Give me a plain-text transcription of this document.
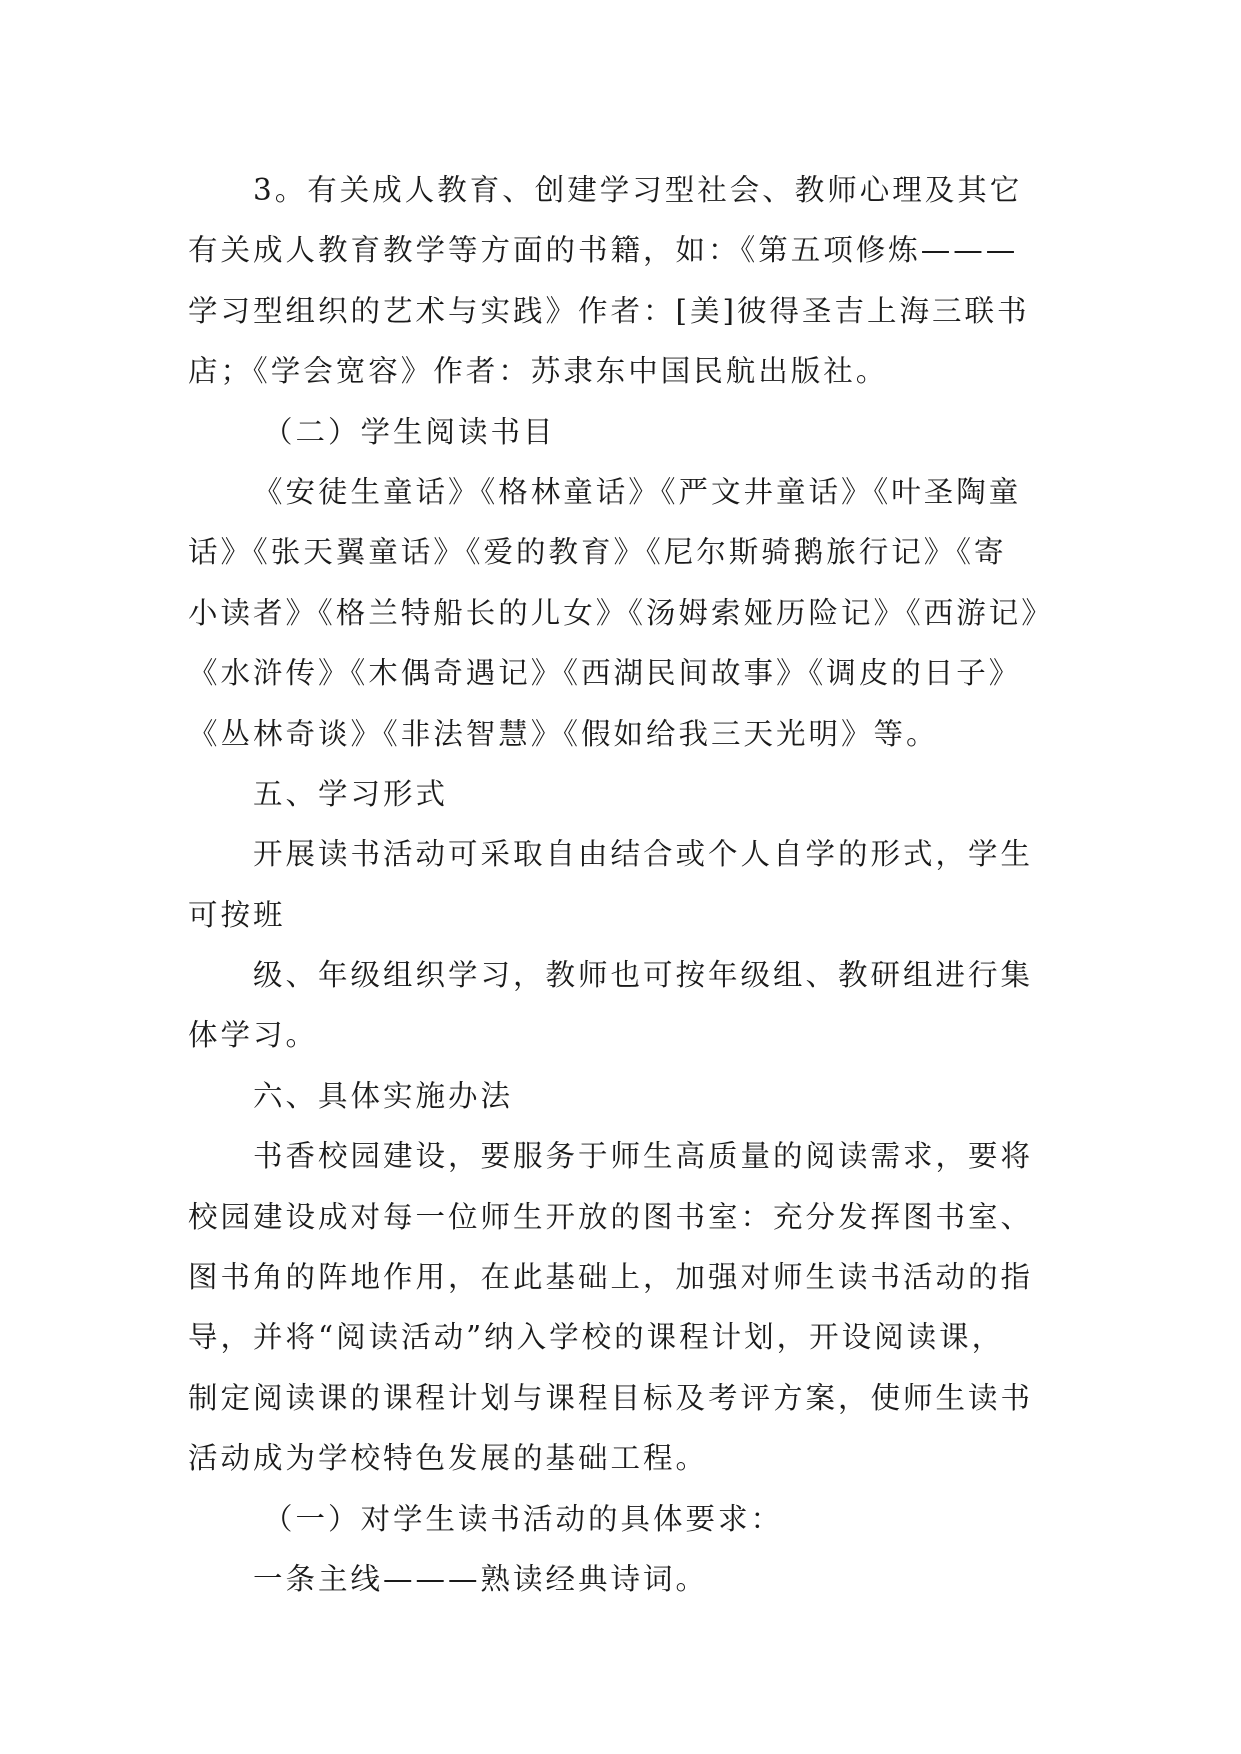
3。有关成人教育、创建学习型社会、教师心理及其它
有关成人教育教学等方面的书籍，如：《第五项修炼———
学习型组织的艺术与实践》作者：[美]彼得圣吉上海三联书
店；《学会宽容》作者：苏隶东中国民航出版社。
（二）学生阅读书目
《安徒生童话》《格林童话》《严文井童话》《叶圣陶童
话》《张天翼童话》《爱的教育》《尼尔斯骑鹅旅行记》《寄
小读者》《格兰特船长的儿女》《汤姆索娅历险记》《西游记》
《水浒传》《木偶奇遇记》《西湖民间故事》《调皮的日子》
《丛林奇谈》《非法智慧》《假如给我三天光明》等。
五、学习形式
开展读书活动可采取自由结合或个人自学的形式，学生
可按班
级、年级组织学习，教师也可按年级组、教研组进行集
体学习。
六、具体实施办法
书香校园建设，要服务于师生高质量的阅读需求，要将
校园建设成对每一位师生开放的图书室：充分发挥图书室、
图书角的阵地作用，在此基础上，加强对师生读书活动的指
导，并将“阅读活动”纳入学校的课程计划，开设阅读课，
制定阅读课的课程计划与课程目标及考评方案，使师生读书
活动成为学校特色发展的基础工程。
（一）对学生读书活动的具体要求：
一条主线———熟读经典诗词。
